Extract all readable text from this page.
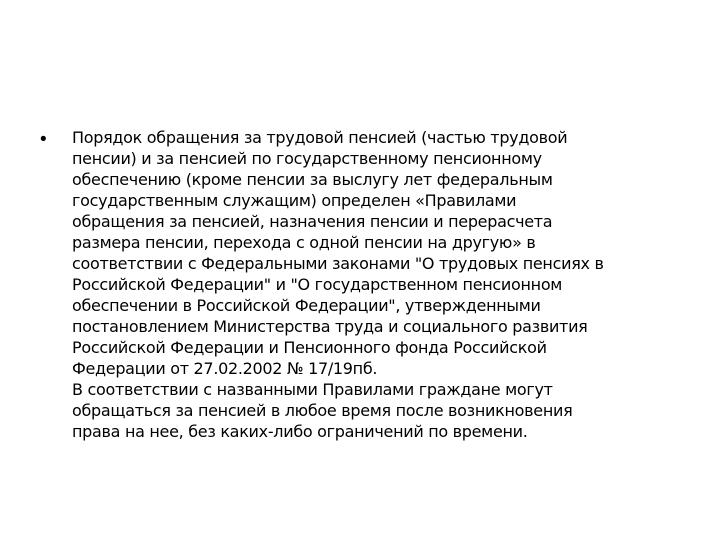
• Порядок обращения за трудовой пенсией (частью трудовой
пенсии) и за пенсией по государственному пенсионному
обеспечению (кроме пенсии за выслугу лет федеральным
государственным служащим) определен «Правилами
обращения за пенсией, назначения пенсии и перерасчета
размера пенсии, перехода с одной пенсии на другую» в
соответствии с Федеральными законами "О трудовых пенсиях в
Российской Федерации" и "О государственном пенсионном
обеспечении в Российской Федерации", утвержденными
постановлением Министерства труда и социального развития
Российской Федерации и Пенсионного фонда Российской
Федерации от 27.02.2002 № 17/19пб.
В соответствии с названными Правилами граждане могут
обращаться за пенсией в любое время после возникновения
права на нее, без каких-либо ограничений по времени.
